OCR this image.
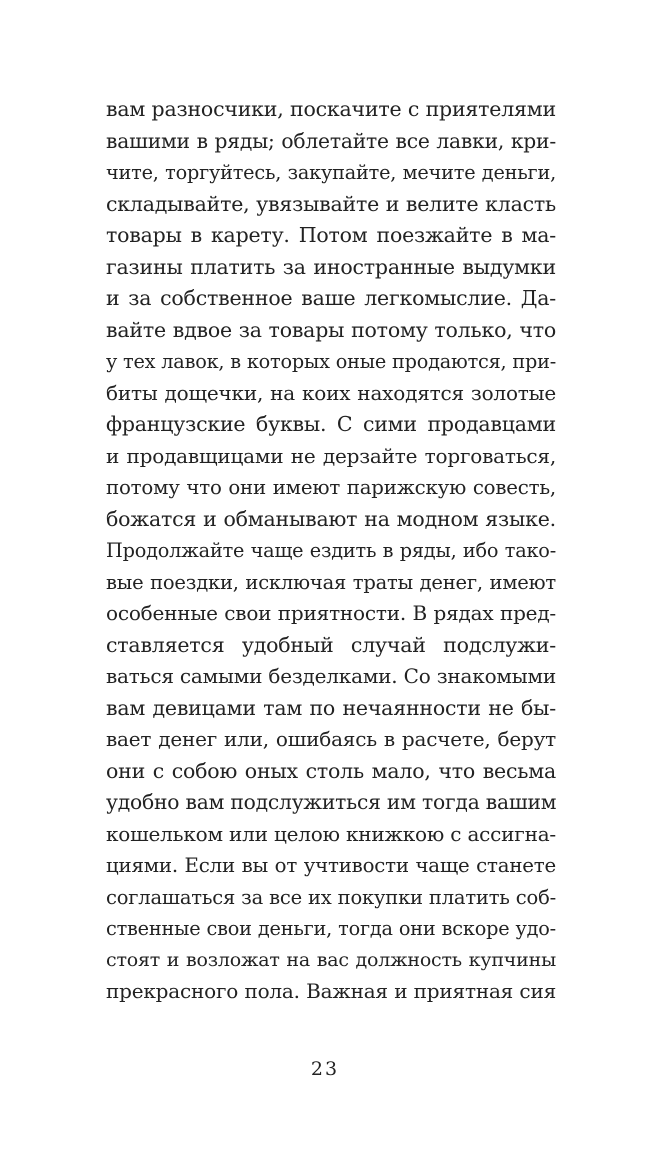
вам разносчики, поскачите с приятелями
вашими в ряды; облетайте все лавки, кри-
чите, торгуйтесь, закупайте, мечите деньги,
складывайте, увязывайте и велите класть
товары в карету. Потом поезжайте в ма-
газины платить за иностранные выдумки
и за собственное ваше легкомыслие. Да-
вайте вдвое за товары потому только, что
у тех лавок, в которых оные продаются, при-
биты дощечки, на коих находятся золотые
французские буквы. С сими продавцами
и продавщицами не дерзайте торговаться,
потому что они имеют парижскую совесть,
божатся и обманывают на модном языке.
Продолжайте чаще ездить в ряды, ибо тако-
вые поездки, исключая траты денег, имеют
особенные свои приятности. В рядах пред-
ставляется удобный случай подслужи-
ваться самыми безделками. Со знакомыми
вам девицами там по нечаянности не бы-
вает денег или, ошибаясь в расчете, берут
они с собою оных столь мало, что весьма
удобно вам подслужиться им тогда вашим
кошельком или целою книжкою с ассигна-
циями. Если вы от учтивости чаще станете
соглашаться за все их покупки платить соб-
ственные свои деньги, тогда они вскоре удо-
стоят и возложат на вас должность купчины
прекрасного пола. Важная и приятная сия
23
